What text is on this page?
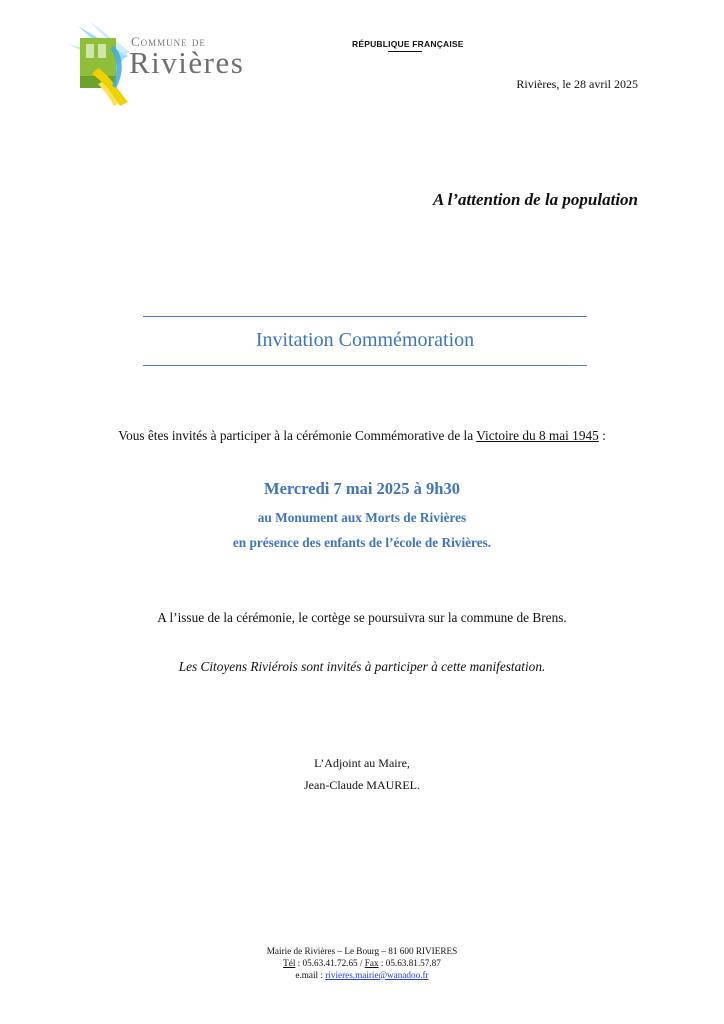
Commune de
Rivières
RÉPUBLIQUE FRANÇAISE
Rivières, le 28 avril 2025
A l’attention de la population
Invitation Commémoration
Vous êtes invités à participer à la cérémonie Commémorative de la Victoire du 8 mai 1945 :
Mercredi 7 mai 2025 à 9h30
au Monument aux Morts de Rivières
en présence des enfants de l’école de Rivières.
A l’issue de la cérémonie, le cortège se poursuivra sur la commune de Brens.
Les Citoyens Riviérois sont invités à participer à cette manifestation.
L’Adjoint au Maire,
Jean-Claude MAUREL.
Mairie de Rivières – Le Bourg – 81 600 RIVIERES
Tél : 05.63.41.72.65 / Fax : 05.63.81.57.87
e.mail : rivieres.mairie@wanadoo.fr
